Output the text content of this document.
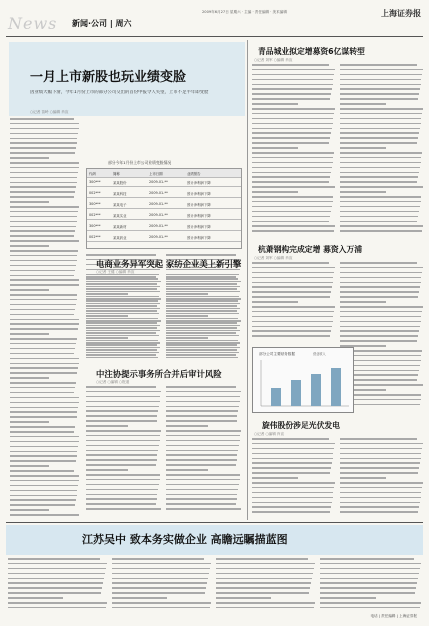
News 新闻·公司 | 周六
2009年6月27日 星期六 · 主编 · 责任编辑 · 美术编辑	上海证券报
一月上市新股也玩业绩变脸
因业绩大幅下滑，今年1月份上市的部分公司交出的首份中报令人失望，上市不足半年即变脸
○记者 苗岭 ○编辑 肖宣
部分今年1月份上市公司业绩变脸情况
代码	简称	上市日期	业绩预告
300***	某某股份	2009-01-**	预计净利润下降
002***	某某科技	2009-01-**	预计净利润下降
300***	某某电子	2009-01-**	预计净利润下降
002***	某某实业	2009-01-**	预计净利润下降
300***	某某新材	2009-01-**	预计净利润下降
002***	某某药业	2009-01-**	预计净利润下降
电商业务异军突起 家纺企业美上新引擎
○记者 王健 ○编辑 肖宣
中注协提示事务所合并后审计风险
○记者 ○编辑 ○报道
青品城业拟定增募资6亿谋转型
○记者 刘军 ○编辑 肖宣
杭萧钢构完成定增 募资入万浦
○记者 刘军 ○编辑 肖宣
部分公司主要财务数据	营业收入
旋伟股份涉足光伏发电
○记者 ○编辑 肖宣
江苏吴中 致本务实做企业 高瞻远瞩描蓝图
电话 | 责任编辑 | 上海证券报
